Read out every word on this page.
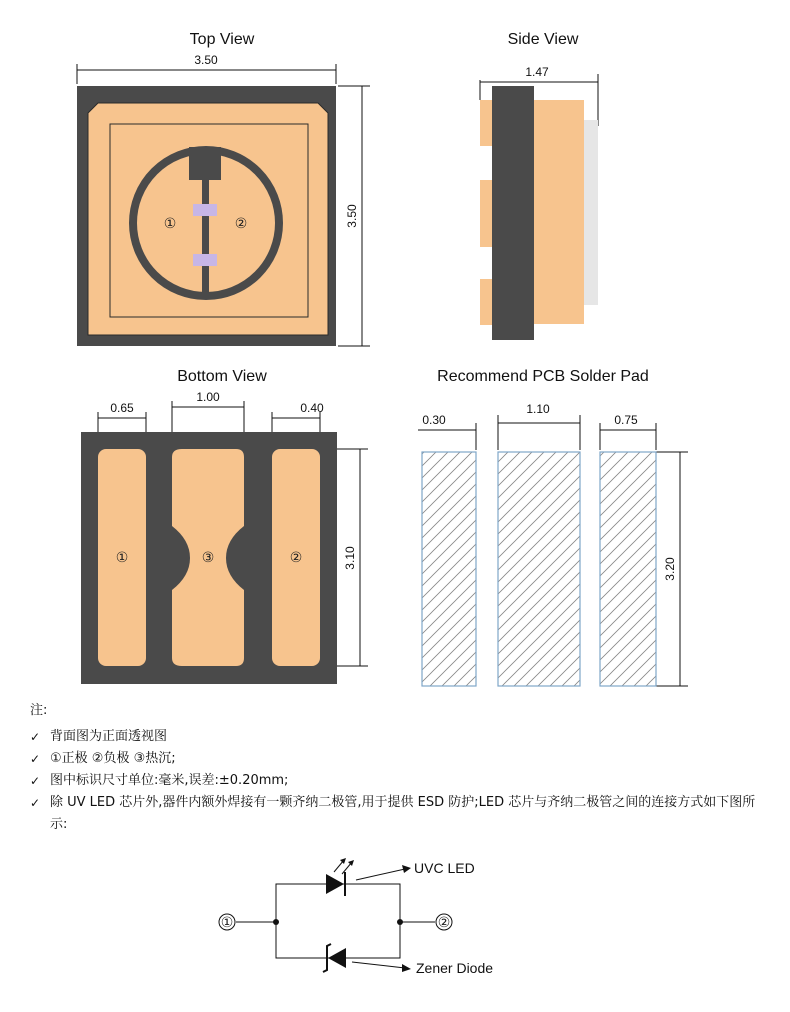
Top View
3.50
3.50
①	②
Side View
1.47
Bottom View
0.65
1.00
0.40
3.10
①	③	②
Recommend PCB Solder Pad
0.30
1.10
0.75
3.20
①	②
UVC LED
Zener Diode
注:
✓ 背面图为正面透视图
✓ ①正极 ②负极 ③热沉;
✓ 图中标识尺寸单位:毫米,误差:±0.20mm;
✓ 除 UV LED 芯片外,器件内额外焊接有一颗齐纳二极管,用于提供 ESD 防护;LED 芯片与齐纳二极管之间的连接方式如下图所示:
